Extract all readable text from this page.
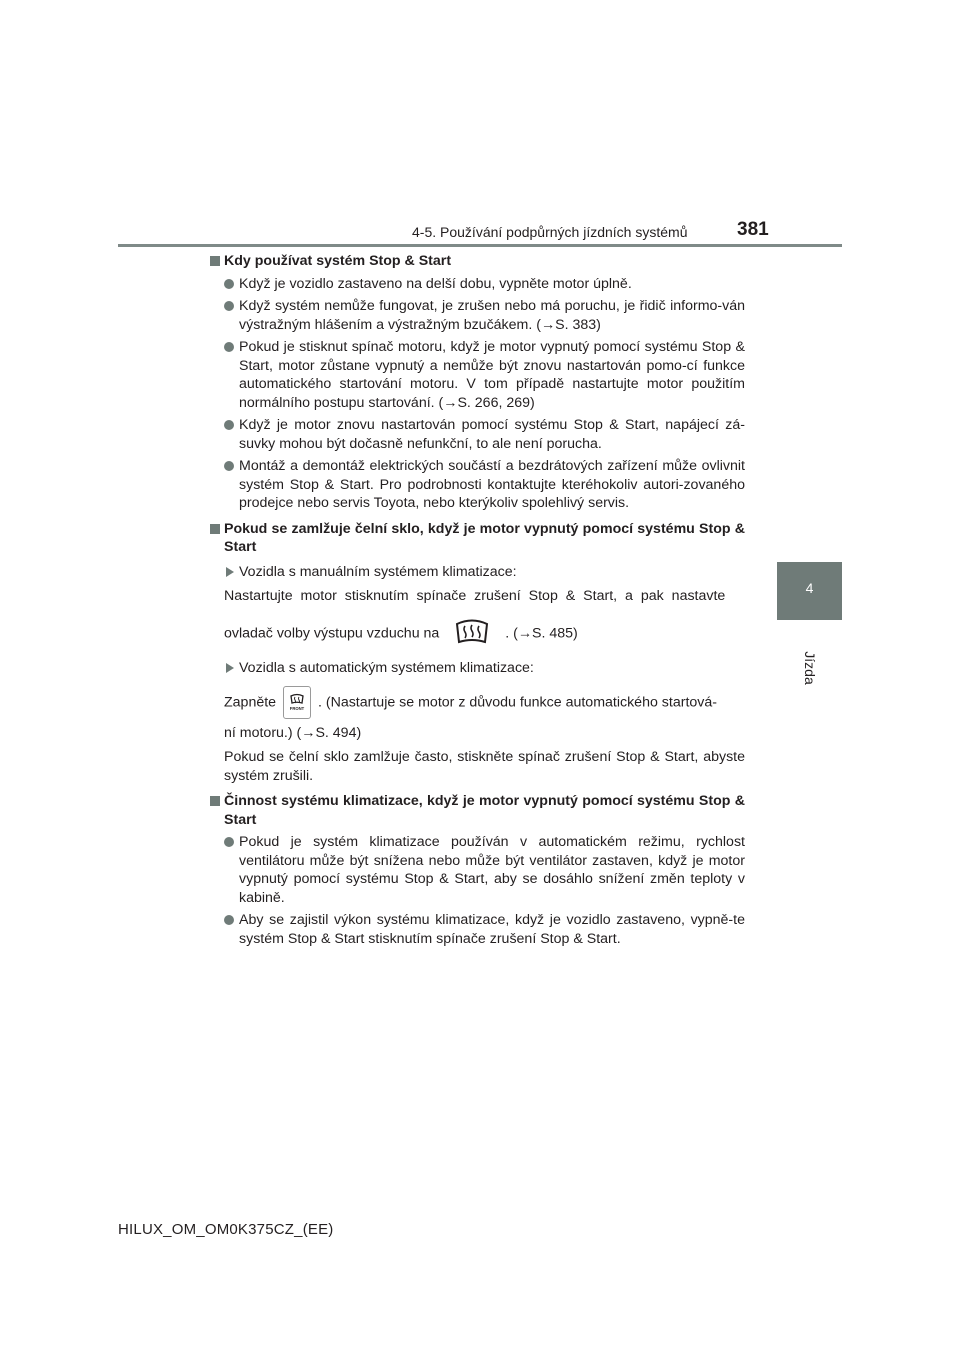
4-5. Používání podpůrných jízdních systémů	381
4
Jízda
Kdy používat systém Stop & Start
Když je vozidlo zastaveno na delší dobu, vypněte motor úplně.
Když systém nemůže fungovat, je zrušen nebo má poruchu, je řidič informo-ván výstražným hlášením a výstražným bzučákem. (→S. 383)
Pokud je stisknut spínač motoru, když je motor vypnutý pomocí systému Stop & Start, motor zůstane vypnutý a nemůže být znovu nastartován pomo-cí funkce automatického startování motoru. V tom případě nastartujte motor použitím normálního postupu startování. (→S. 266, 269)
Když je motor znovu nastartován pomocí systému Stop & Start, napájecí zá-suvky mohou být dočasně nefunkční, to ale není porucha.
Montáž a demontáž elektrických součástí a bezdrátových zařízení může ovlivnit systém Stop & Start. Pro podrobnosti kontaktujte kteréhokoliv autori-zovaného prodejce nebo servis Toyota, nebo kterýkoliv spolehlivý servis.
Pokud se zamlžuje čelní sklo, když je motor vypnutý pomocí systému Stop & Start
Vozidla s manuálním systémem klimatizace:
Nastartujte motor stisknutím spínače zrušení Stop & Start, a pak nastavte
ovladač volby výstupu vzduchu na	. (→S. 485)
Vozidla s automatickým systémem klimatizace:
Zapněte	FRONT . (Nastartuje se motor z důvodu funkce automatického startová-
ní motoru.) (→S. 494)
Pokud se čelní sklo zamlžuje často, stiskněte spínač zrušení Stop & Start, abyste systém zrušili.
Činnost systému klimatizace, když je motor vypnutý pomocí systému Stop & Start
Pokud je systém klimatizace používán v automatickém režimu, rychlost ventilátoru může být snížena nebo může být ventilátor zastaven, když je motor vypnutý pomocí systému Stop & Start, aby se dosáhlo snížení změn teploty v kabině.
Aby se zajistil výkon systému klimatizace, když je vozidlo zastaveno, vypně-te systém Stop & Start stisknutím spínače zrušení Stop & Start.
HILUX_OM_OM0K375CZ_(EE)
